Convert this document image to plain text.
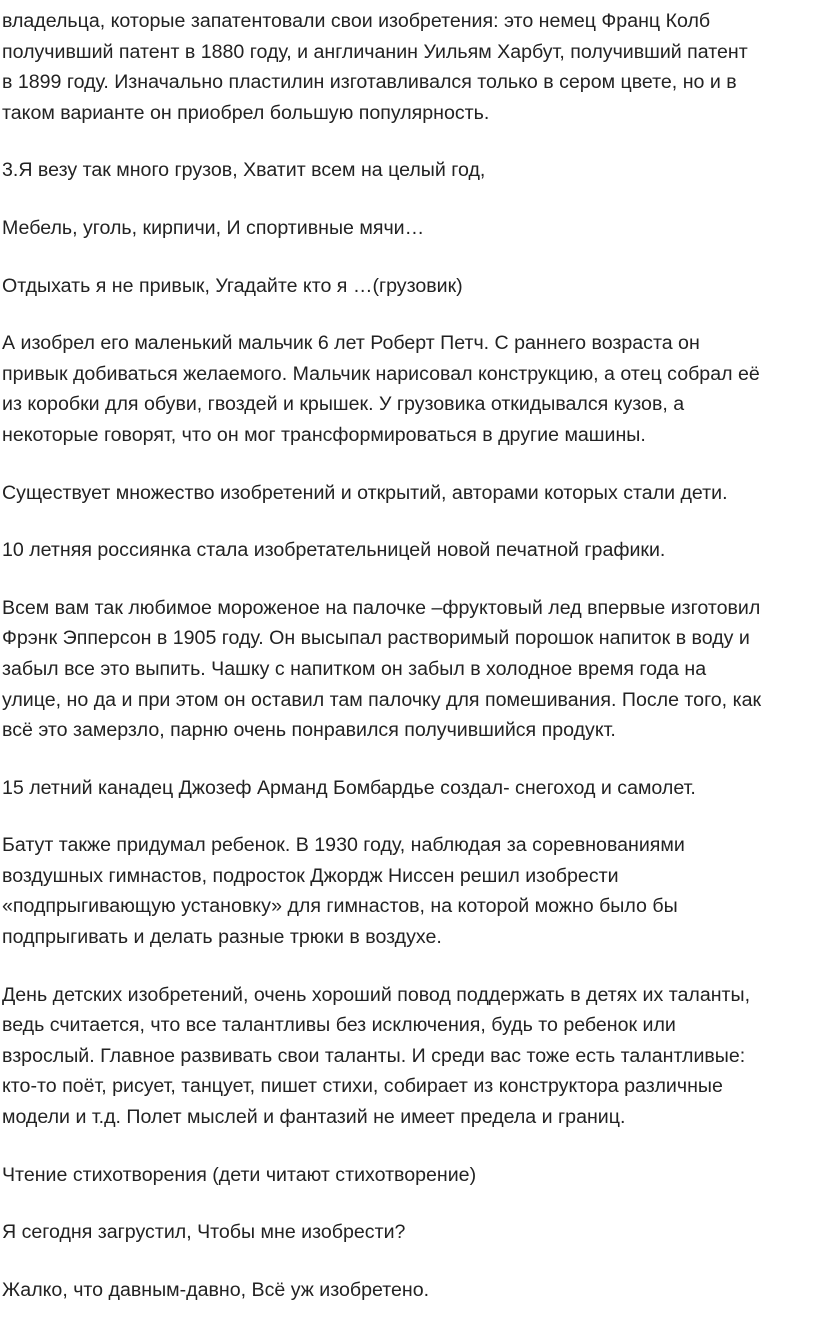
владельца, которые запатентовали свои изобретения: это немец Франц Колб
получивший патент в 1880 году, и англичанин Уильям Харбут, получивший патент
в 1899 году. Изначально пластилин изготавливался только в сером цвете, но и в
таком варианте он приобрел большую популярность.

3.Я везу так много грузов, Хватит всем на целый год,

Мебель, уголь, кирпичи, И спортивные мячи…

Отдыхать я не привык, Угадайте кто я …(грузовик)

А изобрел его маленький мальчик 6 лет Роберт Петч. С раннего возраста он
привык добиваться желаемого. Мальчик нарисовал конструкцию, а отец собрал её
из коробки для обуви, гвоздей и крышек. У грузовика откидывался кузов, а
некоторые говорят, что он мог трансформироваться в другие машины.

Существует множество изобретений и открытий, авторами которых стали дети.

10 летняя россиянка стала изобретательницей новой печатной графики.

Всем вам так любимое мороженое на палочке –фруктовый лед впервые изготовил
Фрэнк Эпперсон в 1905 году. Он высыпал растворимый порошок напиток в воду и
забыл все это выпить. Чашку с напитком он забыл в холодное время года на
улице, но да и при этом он оставил там палочку для помешивания. После того, как
всё это замерзло, парню очень понравился получившийся продукт.

15 летний канадец Джозеф Арманд Бомбардье создал- снегоход и самолет.

Батут также придумал ребенок. В 1930 году, наблюдая за соревнованиями
воздушных гимнастов, подросток Джордж Ниссен решил изобрести
«подпрыгивающую установку» для гимнастов, на которой можно было бы
подпрыгивать и делать разные трюки в воздухе.

День детских изобретений, очень хороший повод поддержать в детях их таланты,
ведь считается, что все талантливы без исключения, будь то ребенок или
взрослый. Главное развивать свои таланты. И среди вас тоже есть талантливые:
кто-то поёт, рисует, танцует, пишет стихи, собирает из конструктора различные
модели и т.д. Полет мыслей и фантазий не имеет предела и границ.

Чтение стихотворения (дети читают стихотворение)

Я сегодня загрустил, Чтобы мне изобрести?

Жалко, что давным-давно, Всё уж изобретено.
